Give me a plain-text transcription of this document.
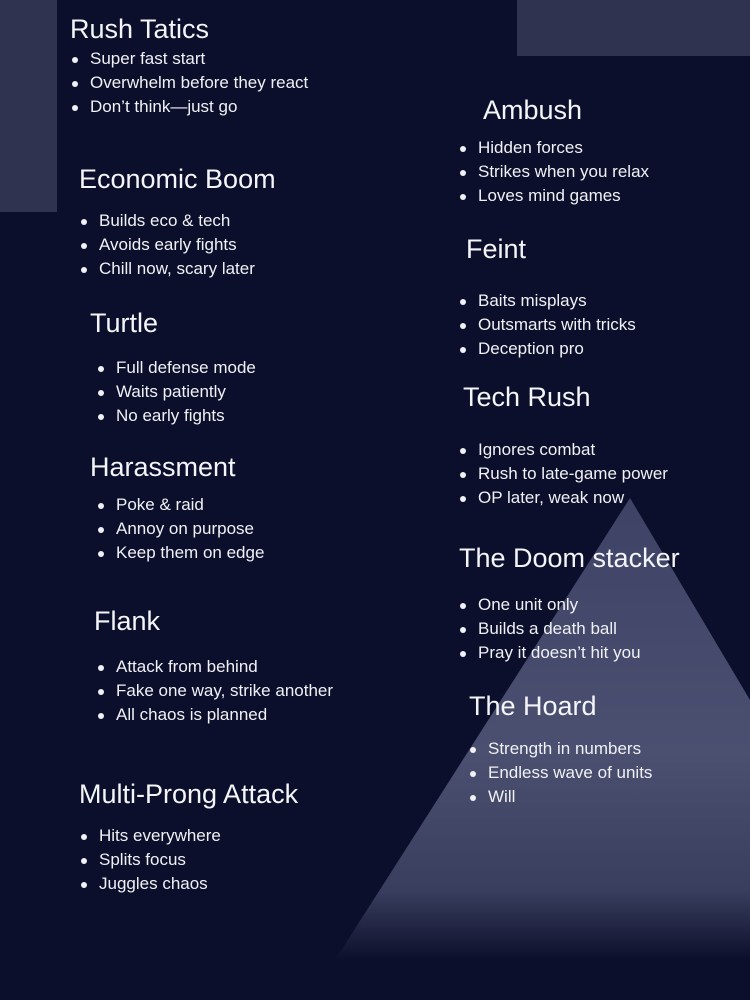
Rush Tatics
Super fast start
Overwhelm before they react
Don’t think—just go
Economic Boom
Builds eco & tech
Avoids early fights
Chill now, scary later
Turtle
Full defense mode
Waits patiently
No early fights
Harassment
Poke & raid
Annoy on purpose
Keep them on edge
Flank
Attack from behind
Fake one way, strike another
All chaos is planned
Multi-Prong Attack
Hits everywhere
Splits focus
Juggles chaos
Ambush
Hidden forces
Strikes when you relax
Loves mind games
Feint
Baits misplays
Outsmarts with tricks
Deception pro
Tech Rush
Ignores combat
Rush to late-game power
OP later, weak now
The Doom stacker
One unit only
Builds a death ball
Pray it doesn’t hit you
The Hoard
Strength in numbers
Endless wave of units
Will
